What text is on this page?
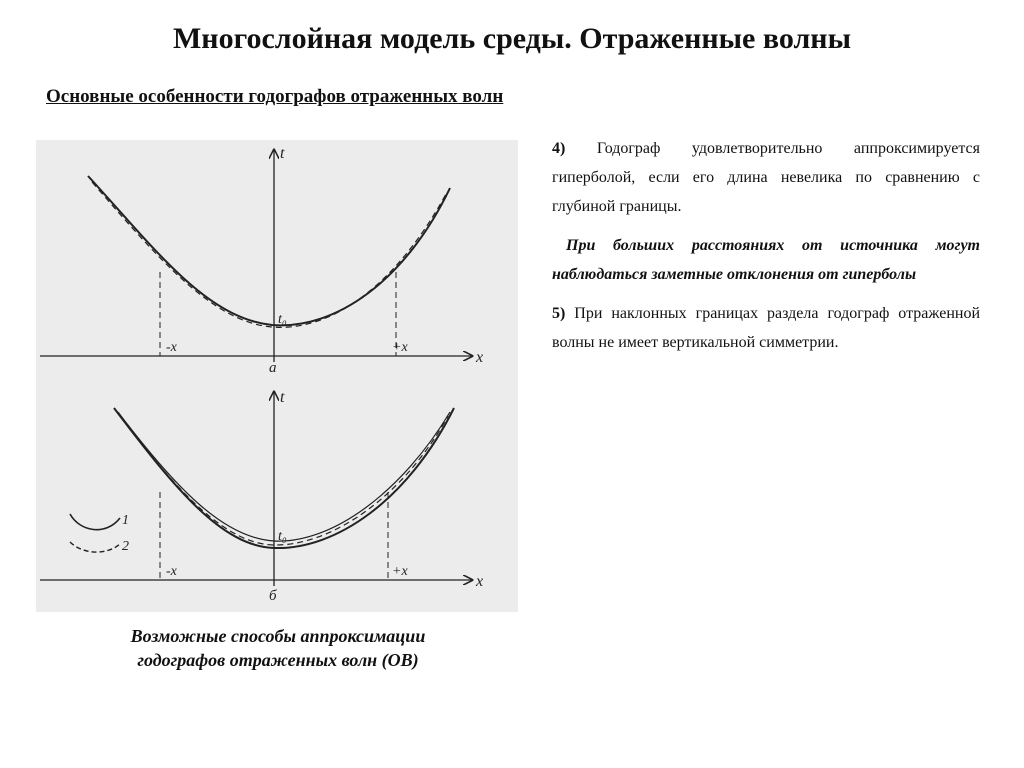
Многослойная модель среды. Отраженные волны
Основные особенности годографов отраженных волн
t
x
t₀
-x	+x
a
t
x
t₀
-x	+x
б
1
2

Возможные способы аппроксимации
годографов отраженных волн (ОВ)

4) Годограф удовлетворительно аппроксимируется гиперболой, если его длина невелика по сравнению с глубиной границы.

При больших расстояниях от источника могут наблюдаться заметные отклонения от гиперболы

5) При наклонных границах раздела годограф отраженной волны не имеет вертикальной симметрии.
